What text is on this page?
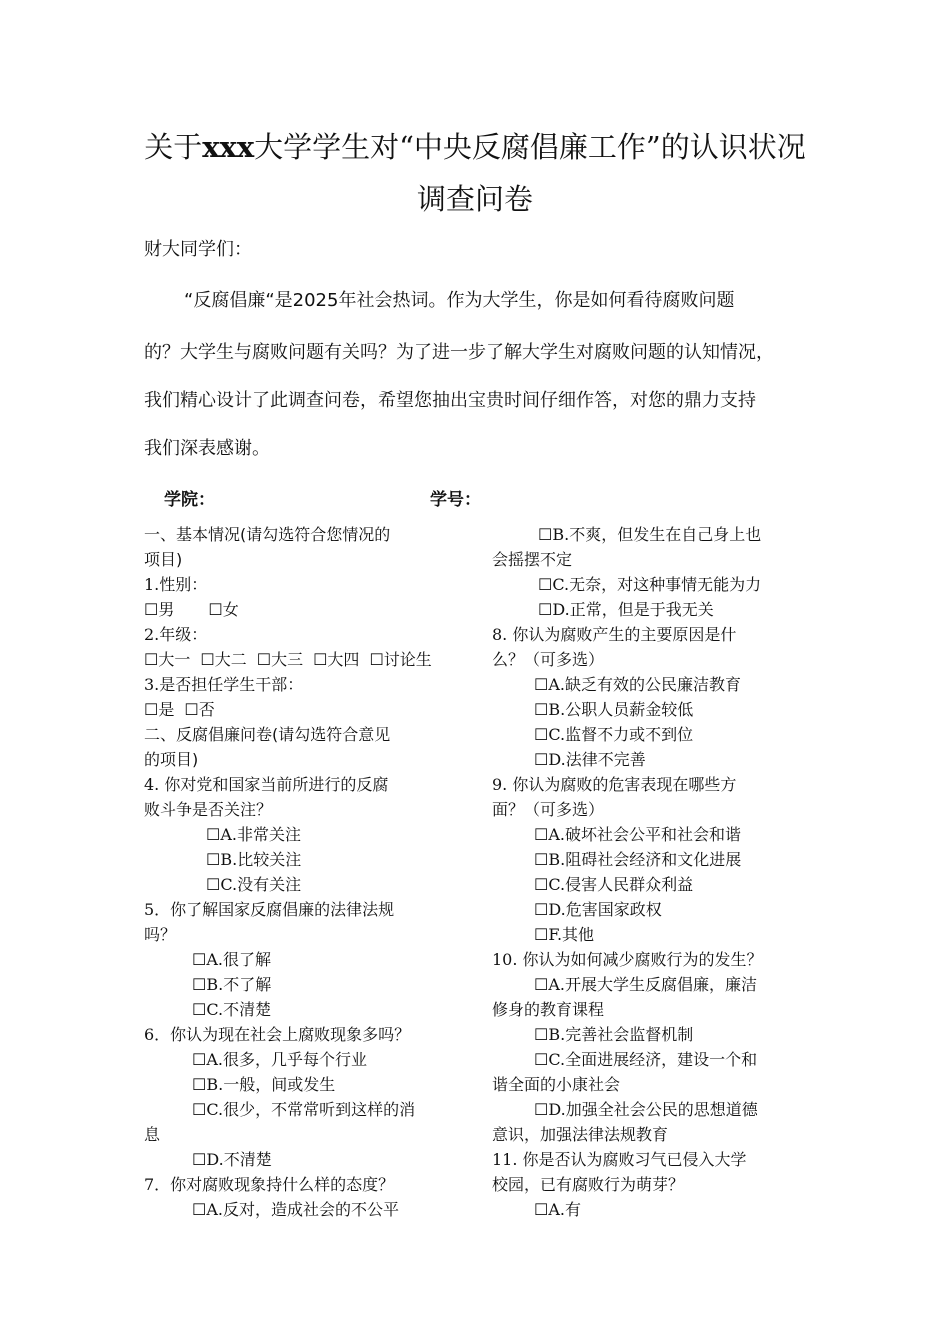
关于xxx大学学生对“中央反腐倡廉工作”的认识状况
调查问卷
财大同学们：
“反腐倡廉“是2025年社会热词。作为大学生，你是如何看待腐败问题
的？大学生与腐败问题有关吗？为了进一步了解大学生对腐败问题的认知情况，
我们精心设计了此调查问卷，希望您抽出宝贵时间仔细作答，对您的鼎力支持
我们深表感谢。
学院：	学号：
一、基本情况(请勾选符合您情况的
项目)
1.性别：
☐男 ☐女
2.年级：
☐大一 ☐大二 ☐大三 ☐大四 ☐讨论生
3.是否担任学生干部：
☐是 ☐否
二、反腐倡廉问卷(请勾选符合意见
的项目)
4. 你对党和国家当前所进行的反腐
败斗争是否关注？
☐A.非常关注
☐B.比较关注
☐C.没有关注
5．你了解国家反腐倡廉的法律法规
吗？
☐A.很了解
☐B.不了解
☐C.不清楚
6．你认为现在社会上腐败现象多吗？
☐A.很多，几乎每个行业
☐B.一般，间或发生
☐C.很少，不常常听到这样的消
息
☐D.不清楚
7．你对腐败现象持什么样的态度？
☐A.反对，造成社会的不公平
☐B.不爽，但发生在自己身上也
会摇摆不定
☐C.无奈，对这种事情无能为力
☐D.正常，但是于我无关
8. 你认为腐败产生的主要原因是什
么？（可多选）
☐A.缺乏有效的公民廉洁教育
☐B.公职人员薪金较低
☐C.监督不力或不到位
☐D.法律不完善
9. 你认为腐败的危害表现在哪些方
面？（可多选）
☐A.破坏社会公平和社会和谐
☐B.阻碍社会经济和文化进展
☐C.侵害人民群众利益
☐D.危害国家政权
☐F.其他
10. 你认为如何减少腐败行为的发生？
☐A.开展大学生反腐倡廉，廉洁
修身的教育课程
☐B.完善社会监督机制
☐C.全面进展经济，建设一个和
谐全面的小康社会
☐D.加强全社会公民的思想道德
意识，加强法律法规教育
11. 你是否认为腐败习气已侵入大学
校园，已有腐败行为萌芽？
☐A.有
